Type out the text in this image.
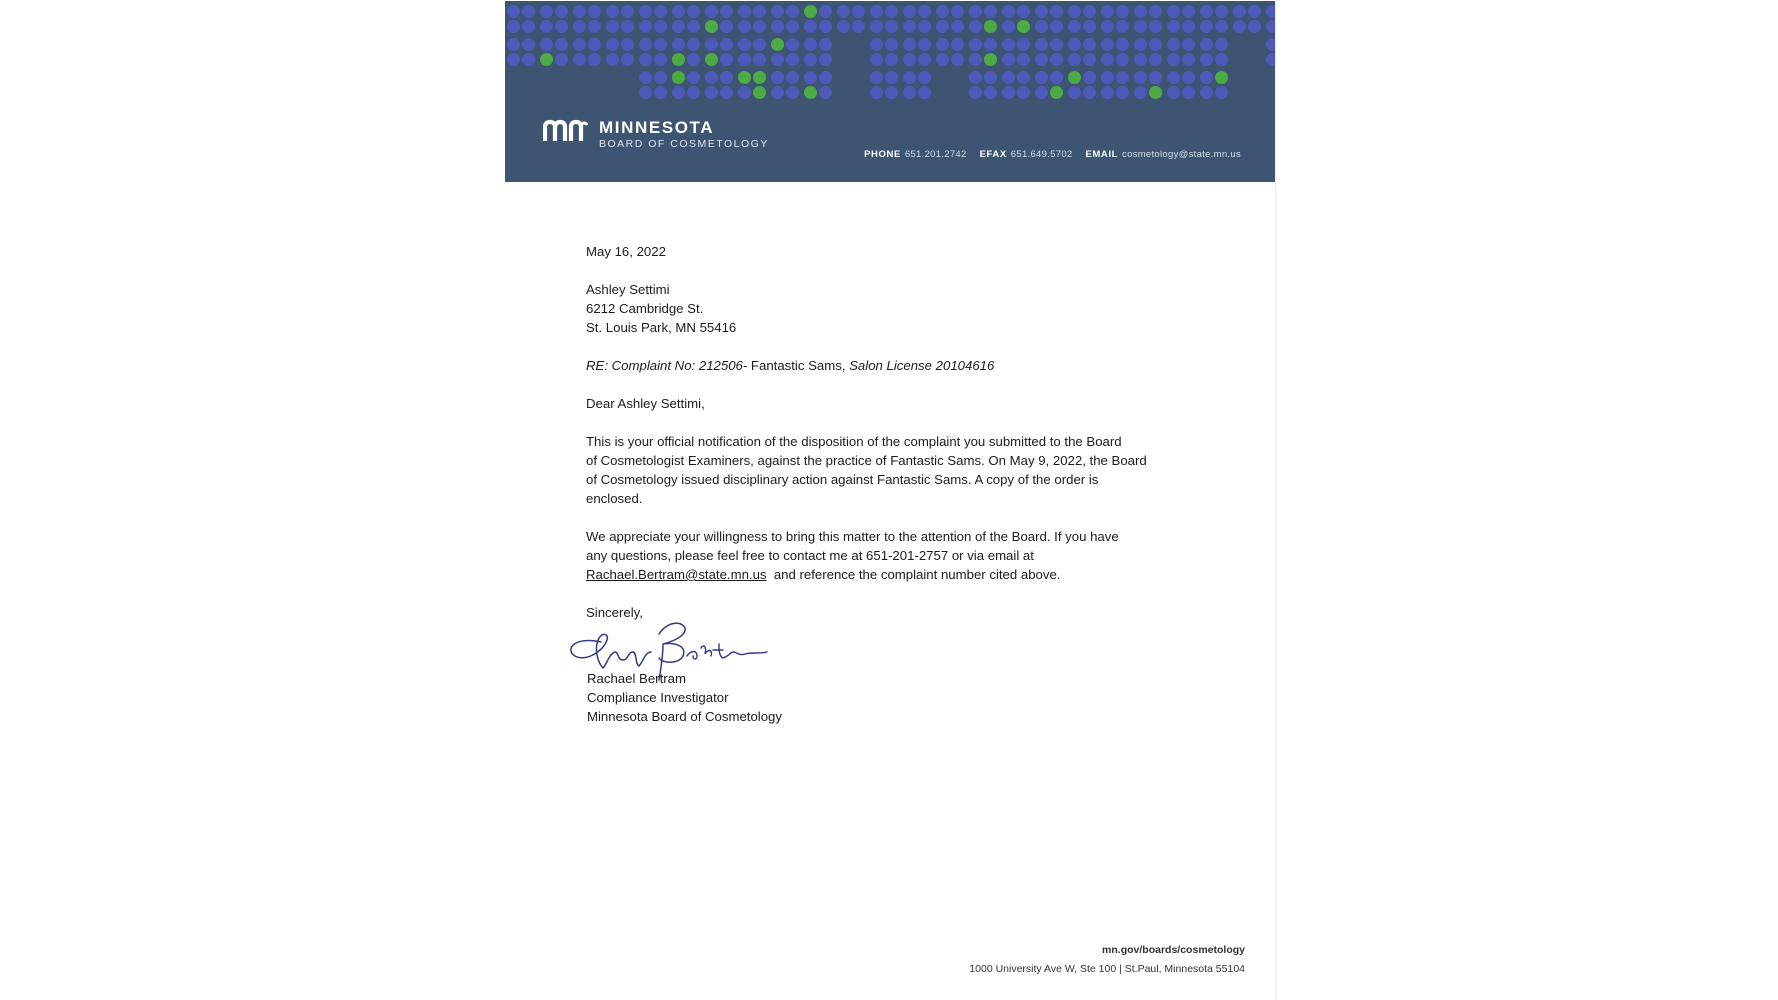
MINNESOTA
BOARD OF COSMETOLOGY
PHONE 651.201.2742 EFAX 651.649.5702 EMAIL cosmetology@state.mn.us

May 16, 2022

Ashley Settimi

6212 Cambridge St.

St. Louis Park, MN 55416

RE: Complaint No: 212506- Fantastic Sams, Salon License 20104616

Dear Ashley Settimi,

This is your official notification of the disposition of the complaint you submitted to the Board

of Cosmetologist Examiners, against the practice of Fantastic Sams. On May 9, 2022, the Board

of Cosmetology issued disciplinary action against Fantastic Sams. A copy of the order is

enclosed.

We appreciate your willingness to bring this matter to the attention of the Board. If you have

any questions, please feel free to contact me at 651-201-2757 or via email at

Rachael.Bertram@state.mn.us  and reference the complaint number cited above.

Sincerely,

Rachael Bertram

Compliance Investigator

Minnesota Board of Cosmetology

mn.gov/boards/cosmetology
1000 University Ave W, Ste 100 | St.Paul, Minnesota 55104
